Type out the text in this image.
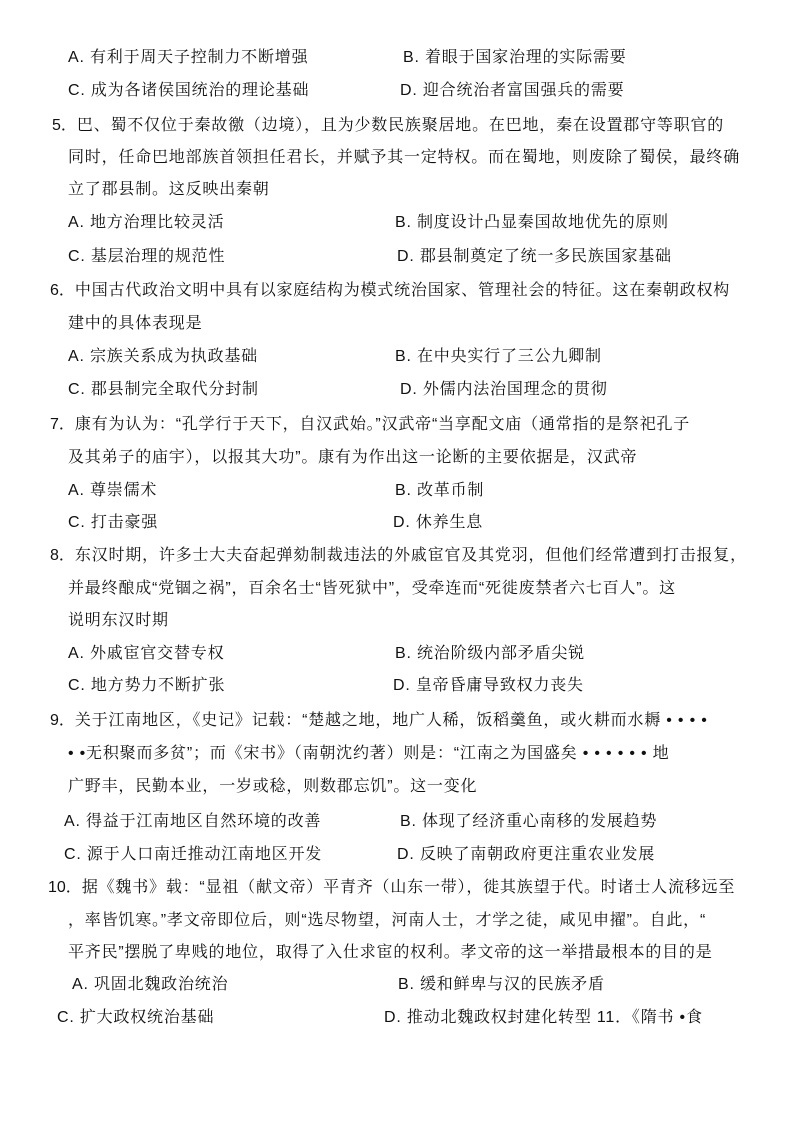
A. 有利于周天子控制力不断增强	B. 着眼于国家治理的实际需要
C. 成为各诸侯国统治的理论基础	D. 迎合统治者富国强兵的需要
5．巴、蜀不仅位于秦故徼（边境），且为少数民族聚居地。在巴地，秦在设置郡守等职官的
同时，任命巴地部族首领担任君长，并赋予其一定特权。而在蜀地，则废除了蜀侯，最终确
立了郡县制。这反映出秦朝
A. 地方治理比较灵活	B. 制度设计凸显秦国故地优先的原则
C. 基层治理的规范性	D. 郡县制奠定了统一多民族国家基础
6．中国古代政治文明中具有以家庭结构为模式统治国家、管理社会的特征。这在秦朝政权构
建中的具体表现是
A. 宗族关系成为执政基础	B. 在中央实行了三公九卿制
C. 郡县制完全取代分封制	D. 外儒内法治国理念的贯彻
7．康有为认为：“孔学行于天下，自汉武始。”汉武帝“当享配文庙（通常指的是祭祀孔子
及其弟子的庙宇），以报其大功”。康有为作出这一论断的主要依据是，汉武帝
A. 尊崇儒术	B. 改革币制
C. 打击豪强	D. 休养生息
8．东汉时期，许多士大夫奋起弹劾制裁违法的外戚宦官及其党羽，但他们经常遭到打击报复，
并最终酿成“党锢之祸”，百余名士“皆死狱中”，受牵连而“死徙废禁者六七百人”。这
说明东汉时期
A. 外戚宦官交替专权	B. 统治阶级内部矛盾尖锐
C. 地方势力不断扩张	D. 皇帝昏庸导致权力丧失
9．关于江南地区，《史记》记载：“楚越之地，地广人稀，饭稻羹鱼，或火耕而水耨 • • • •
• •无积聚而多贫”；而《宋书》（南朝沈约著）则是：“江南之为国盛矣 • • • • • • 地
广野丰，民勤本业，一岁或稔，则数郡忘饥”。这一变化
A. 得益于江南地区自然环境的改善	B. 体现了经济重心南移的发展趋势
C. 源于人口南迁推动江南地区开发	D. 反映了南朝政府更注重农业发展
10．据《魏书》载：“显祖（献文帝）平青齐（山东一带），徙其族望于代。时诸士人流移远至
，率皆饥寒。”孝文帝即位后，则“选尽物望，河南人士，才学之徒，咸见申擢”。自此，“
平齐民”摆脱了卑贱的地位，取得了入仕求宦的权利。孝文帝的这一举措最根本的目的是
A. 巩固北魏政治统治	B. 缓和鲜卑与汉的民族矛盾
C. 扩大政权统治基础	D. 推动北魏政权封建化转型 11．《隋书 •食
